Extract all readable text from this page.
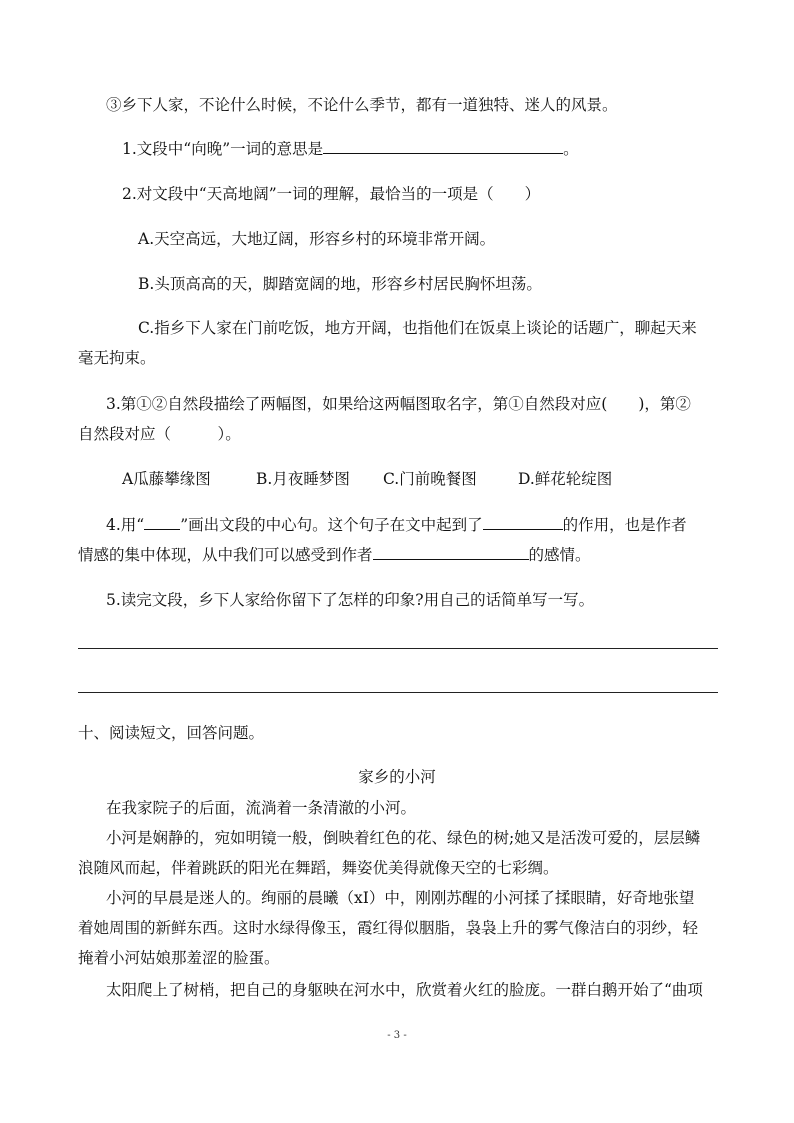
③乡下人家，不论什么时候，不论什么季节，都有一道独特、迷人的风景。
1.文段中“向晚”一词的意思是	。
2.对文段中“天高地阔”一词的理解，最恰当的一项是（　　）
A.天空高远，大地辽阔，形容乡村的环境非常开阔。
B.头顶高高的天，脚踏宽阔的地，形容乡村居民胸怀坦荡。
C.指乡下人家在门前吃饭，地方开阔，也指他们在饭桌上谈论的话题广，聊起天来
毫无拘束。
3.第①②自然段描绘了两幅图，如果给这两幅图取名字，第①自然段对应(　　)，第②
自然段对应（　　　）。
A瓜藤攀缘图	B.月夜睡梦图 C.门前晚餐图	D.鲜花轮绽图
4.用“ ”画出文段的中心句。这个句子在文中起到了	的作用，也是作者
情感的集中体现，从中我们可以感受到作者	的感情。
5.读完文段，乡下人家给你留下了怎样的印象?用自己的话简单写一写。
十、阅读短文，回答问题。
家乡的小河
在我家院子的后面，流淌着一条清澈的小河。
小河是娴静的，宛如明镜一般，倒映着红色的花、绿色的树;她又是活泼可爱的，层层鳞
浪随风而起，伴着跳跃的阳光在舞蹈，舞姿优美得就像天空的七彩绸。
小河的早晨是迷人的。绚丽的晨曦（xI）中，刚刚苏醒的小河揉了揉眼睛，好奇地张望
着她周围的新鲜东西。这时水绿得像玉，霞红得似胭脂，袅袅上升的雾气像洁白的羽纱，轻
掩着小河姑娘那羞涩的脸蛋。
太阳爬上了树梢，把自己的身躯映在河水中，欣赏着火红的脸庞。一群白鹅开始了“曲项
- 3 -
